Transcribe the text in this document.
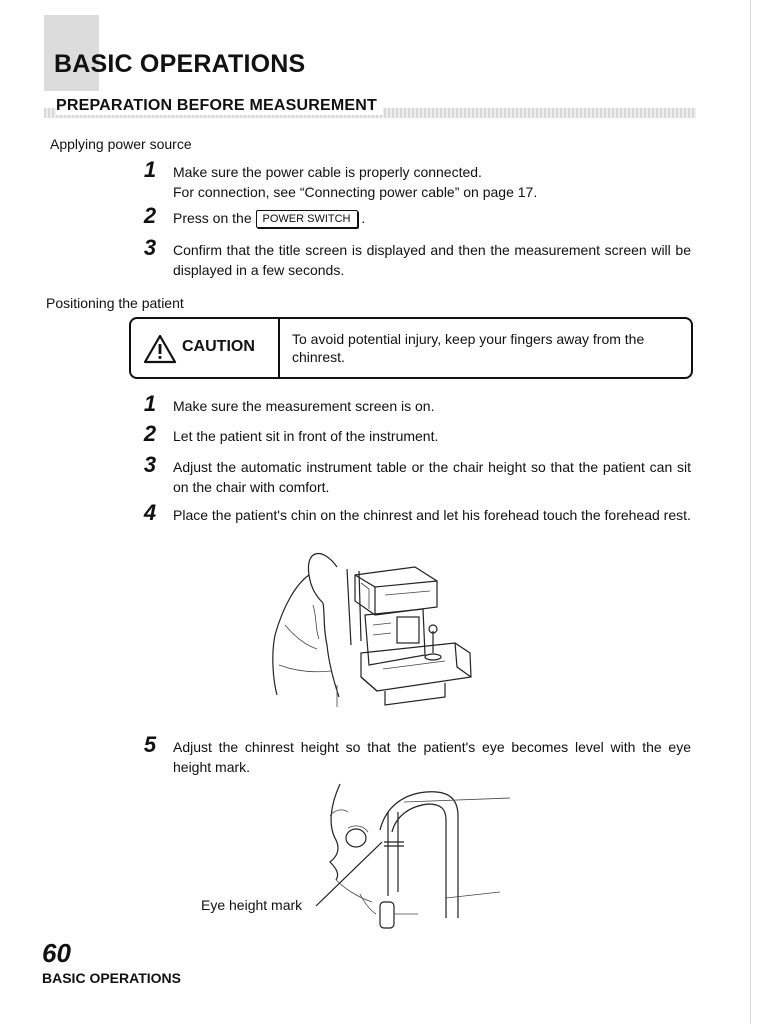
BASIC OPERATIONS
PREPARATION BEFORE MEASUREMENT
Applying power source
1	Make sure the power cable is properly connected.
For connection, see “Connecting power cable” on page 17.
2	Press on the POWER SWITCH .
3	Confirm that the title screen is displayed and then the measurement screen will be displayed in a few seconds.
Positioning the patient
CAUTION	To avoid potential injury, keep your fingers away from the chinrest.
1	Make sure the measurement screen is on.
2	Let the patient sit in front of the instrument.
3	Adjust the automatic instrument table or the chair height so that the patient can sit on the chair with comfort.
4	Place the patient's chin on the chinrest and let his forehead touch the forehead rest.
5	Adjust the chinrest height so that the patient's eye becomes level with the eye height mark.
Eye height mark
60
BASIC OPERATIONS
